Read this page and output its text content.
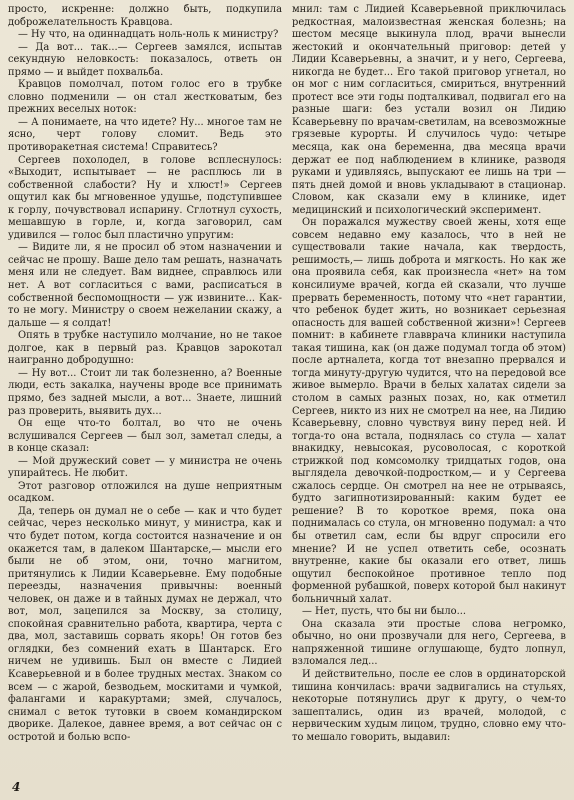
просто, искренне: должно быть, подкупила доброжелательность Кравцова.

— Ну что, на одиннадцать ноль-ноль к министру?

— Да вот... так...— Сергеев замялся, испытав секундную неловкость: показалось, ответь он прямо — и выйдет похвальба.

Кравцов помолчал, потом голос его в трубке словно подменили — он стал жестковатым, без прежних веселых ноток:

— А понимаете, на что идете? Ну... многое там не ясно, черт голову сломит. Ведь это противоракетная система! Справитесь?

Сергеев похолодел, в голове всплеснулось: «Выходит, испытывает — не расплюсь ли в собственной слабости? Ну и хлюст!» Сергеев ощутил как бы мгновенное удушье, подступившее к горлу, почувствовал испарину. Сглотнул сухость, мешавшую в горле, и, когда заговорил, сам удивился — голос был пластично упругим:

— Видите ли, я не просил об этом назначении и сейчас не прошу. Ваше дело там решать, назначать меня или не следует. Вам виднее, справлюсь или нет. А вот согласиться с вами, расписаться в собственной беспомощности — уж извините... Как-то не могу. Министру о своем нежелании скажу, а дальше — я солдат!

Опять в трубке наступило молчание, но не такое долгое, как в первый раз. Кравцов зарокотал наигранно добродушно:

— Ну вот... Стоит ли так болезненно, а? Военные люди, есть закалка, научены вроде все принимать прямо, без задней мысли, а вот... Знаете, лишний раз проверить, выявить дух...

Он еще что-то болтал, во что не очень вслушивался Сергеев — был зол, заметал следы, а в конце сказал:

— Мой дружеский совет — у министра не очень упирайтесь. Не любит.

Этот разговор отложился на душе неприятным осадком.

Да, теперь он думал не о себе — как и что будет сейчас, через несколько минут, у министра, как и что будет потом, когда состоится назначение и он окажется там, в далеком Шантарске,— мысли его были не об этом, они, точно магнитом, притянулись к Лидии Ксаверьевне. Ему подобные переезды, назначения привычны: военный человек, он даже и в тайных думах не держал, что вот, мол, зацепился за Москву, за столицу, спокойная сравнительно работа, квартира, черта с два, мол, заставишь сорвать якорь! Он готов без оглядки, без сомнений ехать в Шантарск. Его ничем не удивишь. Был он вместе с Лидией Ксаверьевной и в более трудных местах. Знаком со всем — с жарой, безводьем, москитами и чумкой, фалангами и каракуртами; змей, случалось, снимал с веток тутовки в своем командирском дворике. Далекое, давнее время, а вот сейчас он с остротой и болью вспо-

мнил: там с Лидией Ксаверьевной приключилась редкостная, малоизвестная женская болезнь; на шестом месяце выкинула плод, врачи вынесли жестокий и окончательный приговор: детей у Лидии Ксаверьевны, а значит, и у него, Сергеева, никогда не будет... Его такой приговор угнетал, но он мог с ним согласиться, смириться, внутренний протест все эти годы подталкивал, подвигал его на разные шаги: без устали возил он Лидию Ксаверьевну по врачам-светилам, на всевозможные грязевые курорты. И случилось чудо: четыре месяца, как она беременна, два месяца врачи держат ее под наблюдением в клинике, разводя руками и удивляясь, выпускают ее лишь на три — пять дней домой и вновь укладывают в стационар. Словом, как сказали ему в клинике, идет медицинский и психологический эксперимент.

Он поражался мужеству своей жены, хотя еще совсем недавно ему казалось, что в ней не существовали такие начала, как твердость, решимость,— лишь доброта и мягкость. Но как же она проявила себя, как произнесла «нет» на том консилиуме врачей, когда ей сказали, что лучше прервать беременность, потому что «нет гарантии, что ребенок будет жить, но возникает серьезная опасность для вашей собственной жизни»! Сергеев помнит: в кабинете главврача клиники наступила такая тишина, как (он даже подумал тогда об этом) после артналета, когда тот внезапно прервался и тогда минуту-другую чудится, что на передовой все живое вымерло. Врачи в белых халатах сидели за столом в самых разных позах, но, как отметил Сергеев, никто из них не смотрел на нее, на Лидию Ксаверьевну, словно чувствуя вину перед ней. И тогда-то она встала, поднялась со стула — халат внакидку, невысокая, русоволосая, с короткой стрижкой под комсомолку тридцатых годов, она выглядела девочкой-подростком,— и у Сергеева сжалось сердце. Он смотрел на нее не отрываясь, будто загипнотизированный: каким будет ее решение? В то короткое время, пока она поднималась со стула, он мгновенно подумал: а что бы ответил сам, если бы вдруг спросили его мнение? И не успел ответить себе, осознать внутренне, какие бы оказали его ответ, лишь ощутил беспокойное противное тепло под форменной рубашкой, поверх которой был накинут больничный халат.

— Нет, пусть, что бы ни было...

Она сказала эти простые слова негромко, обычно, но они прозвучали для него, Сергеева, в напряженной тишине оглушающе, будто лопнул, взломался лед...

И действительно, после ее слов в ординаторской тишина кончилась: врачи задвигались на стульях, некоторые потянулись друг к другу, о чем-то зашептались, один из врачей, молодой, с нервическим худым лицом, трудно, словно ему что-то мешало говорить, выдавил:

4
